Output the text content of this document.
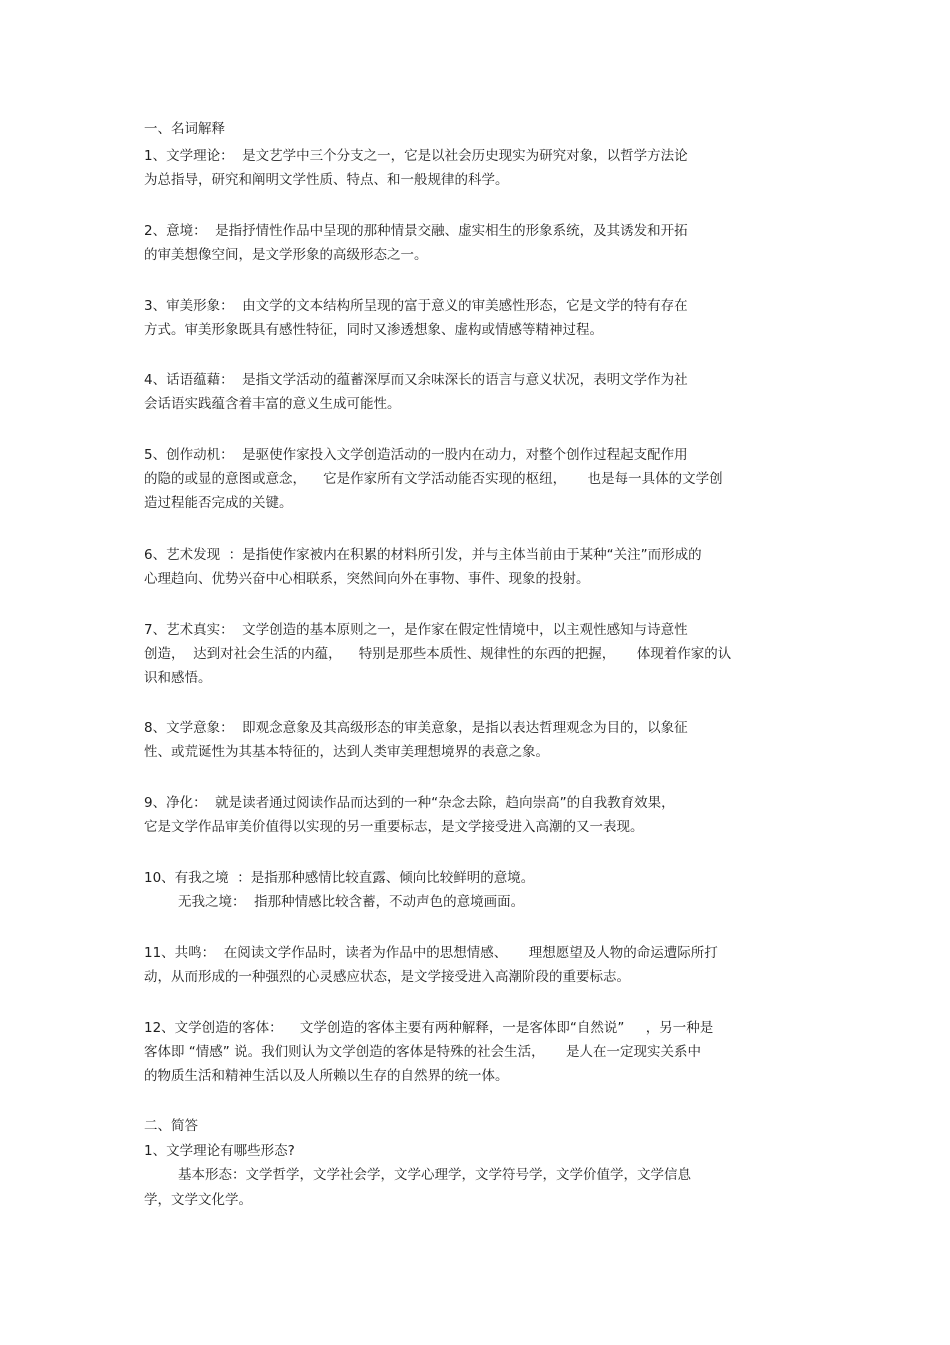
一、名词解释
1、文学理论：  是文艺学中三个分支之一，它是以社会历史现实为研究对象，以哲学方法论
为总指导，研究和阐明文学性质、特点、和一般规律的科学。
2、意境：  是指抒情性作品中呈现的那种情景交融、虚实相生的形象系统，及其诱发和开拓
的审美想像空间，是文学形象的高级形态之一。
3、审美形象：  由文学的文本结构所呈现的富于意义的审美感性形态，它是文学的特有存在
方式。审美形象既具有感性特征，同时又渗透想象、虚构或情感等精神过程。
4、话语蕴藉：  是指文学活动的蕴蓄深厚而又余味深长的语言与意义状况，表明文学作为社
会话语实践蕴含着丰富的意义生成可能性。
5、创作动机：  是驱使作家投入文学创造活动的一股内在动力，对整个创作过程起支配作用
的隐的或显的意图或意念，    它是作家所有文学活动能否实现的枢纽，     也是每一具体的文学创
造过程能否完成的关键。
6、艺术发现  ：是指使作家被内在积累的材料所引发，并与主体当前由于某种“关注”而形成的
心理趋向、优势兴奋中心相联系，突然间向外在事物、事件、现象的投射。
7、艺术真实：  文学创造的基本原则之一，是作家在假定性情境中，以主观性感知与诗意性
创造，  达到对社会生活的内蕴，    特别是那些本质性、规律性的东西的把握，     体现着作家的认
识和感悟。
8、文学意象：  即观念意象及其高级形态的审美意象，是指以表达哲理观念为目的，以象征
性、或荒诞性为其基本特征的，达到人类审美理想境界的表意之象。
9、净化：  就是读者通过阅读作品而达到的一种“杂念去除，趋向崇高”的自我教育效果，
它是文学作品审美价值得以实现的另一重要标志，是文学接受进入高潮的又一表现。
10、有我之境  ：是指那种感情比较直露、倾向比较鲜明的意境。
无我之境：  指那种情感比较含蓄，不动声色的意境画面。
11、共鸣：  在阅读文学作品时，读者为作品中的思想情感、     理想愿望及人物的命运遭际所打
动，从而形成的一种强烈的心灵感应状态，是文学接受进入高潮阶段的重要标志。
12、文学创造的客体：    文学创造的客体主要有两种解释，一是客体即“自然说”     ，另一种是
客体即 “情感” 说。我们则认为文学创造的客体是特殊的社会生活，     是人在一定现实关系中
的物质生活和精神生活以及人所赖以生存的自然界的统一体。
二、简答
1、文学理论有哪些形态?
基本形态：文学哲学，文学社会学，文学心理学，文学符号学，文学价值学，文学信息
学，文学文化学。
